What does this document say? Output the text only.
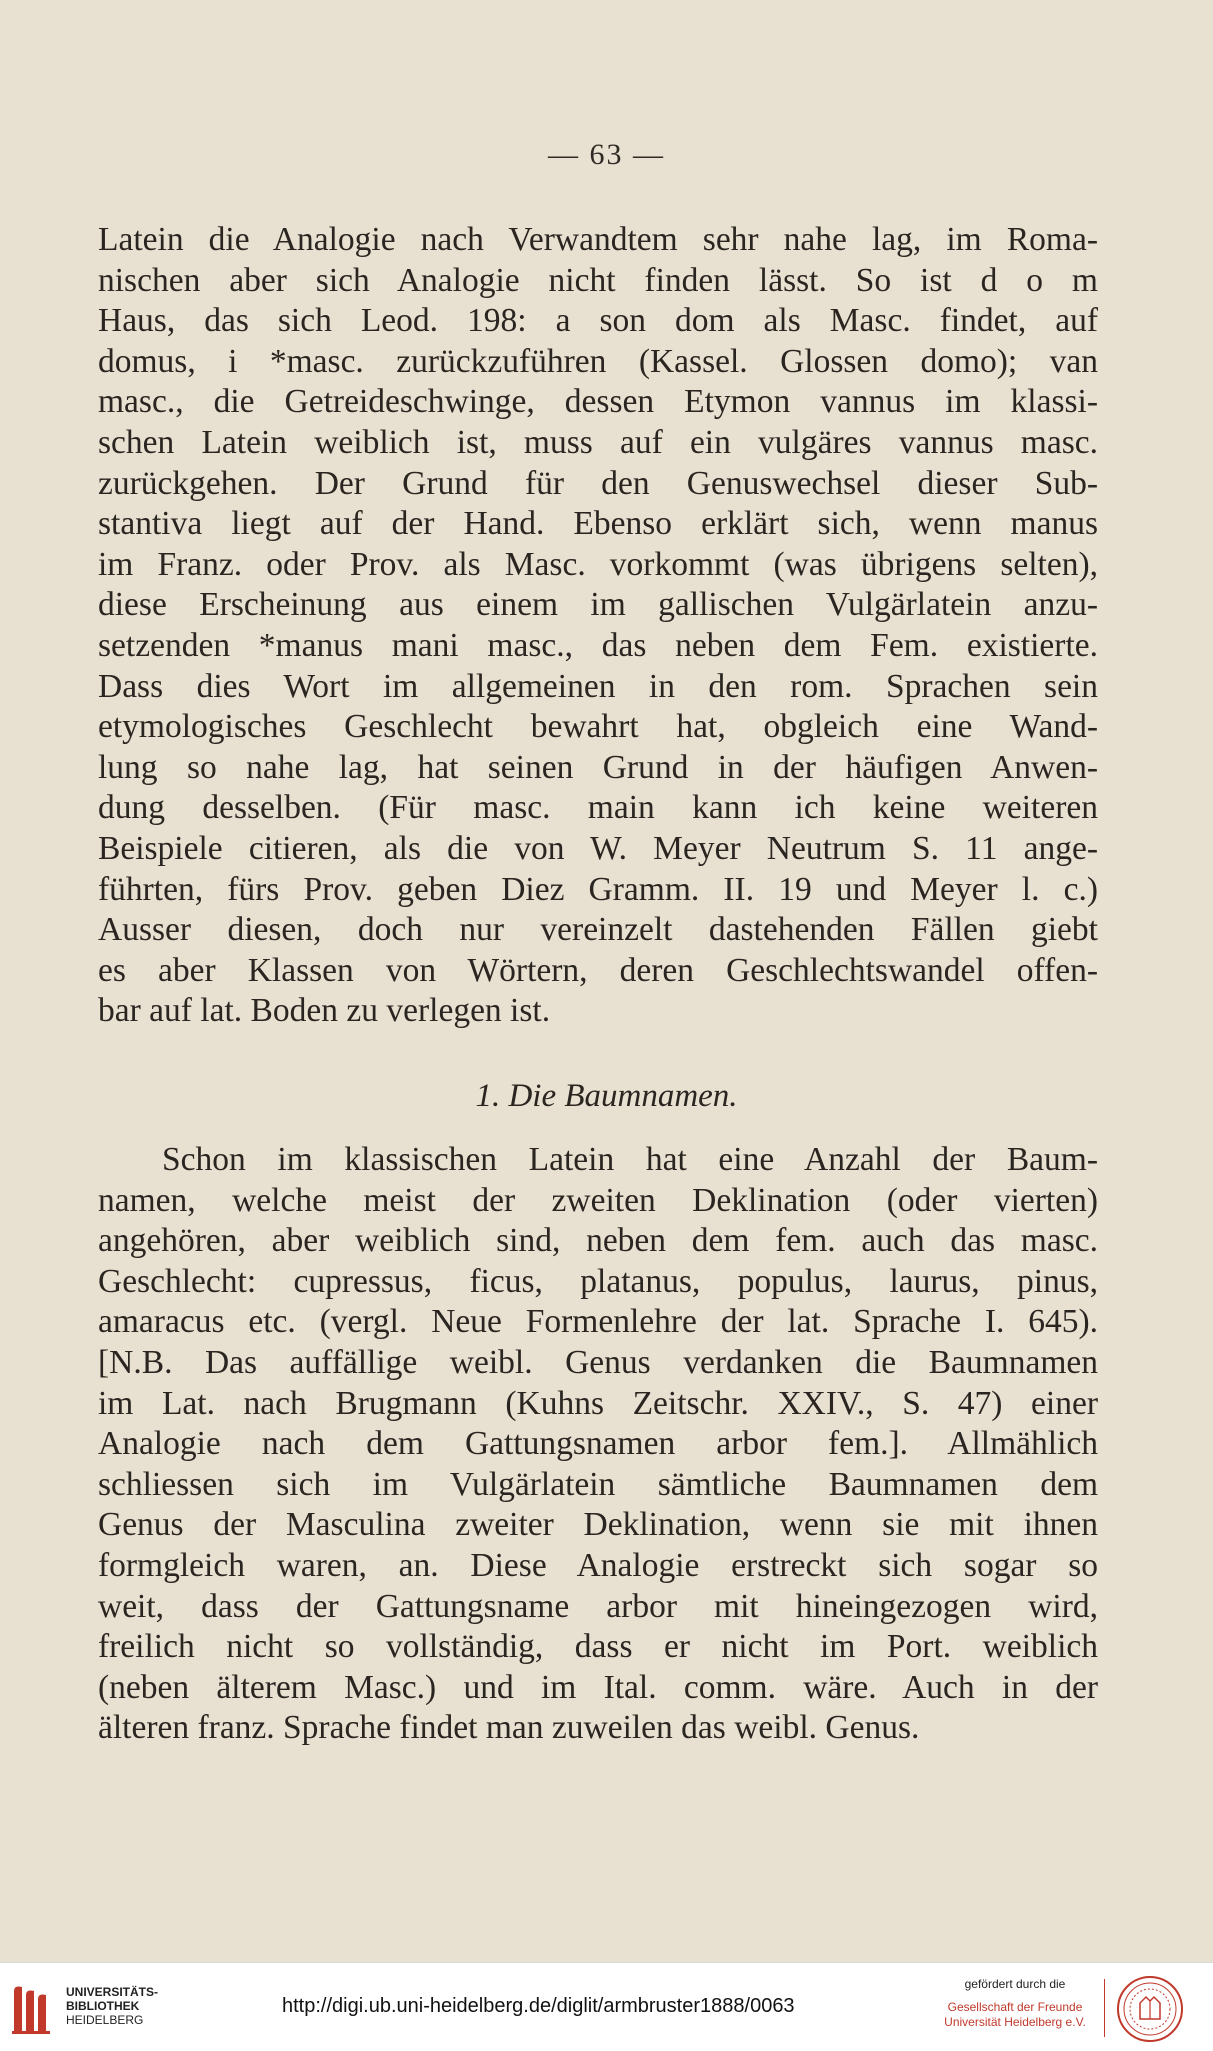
— 63 —
Latein die Analogie nach Verwandtem sehr nahe lag, im Roma-
nischen aber sich Analogie nicht finden lässt. So ist d o m
Haus, das sich Leod. 198: a son dom als Masc. findet, auf
domus, i *masc. zurückzuführen (Kassel. Glossen domo); van
masc., die Getreideschwinge, dessen Etymon vannus im klassi-
schen Latein weiblich ist, muss auf ein vulgäres vannus masc.
zurückgehen. Der Grund für den Genuswechsel dieser Sub-
stantiva liegt auf der Hand. Ebenso erklärt sich, wenn manus
im Franz. oder Prov. als Masc. vorkommt (was übrigens selten),
diese Erscheinung aus einem im gallischen Vulgärlatein anzu-
setzenden *manus mani masc., das neben dem Fem. existierte.
Dass dies Wort im allgemeinen in den rom. Sprachen sein
etymologisches Geschlecht bewahrt hat, obgleich eine Wand-
lung so nahe lag, hat seinen Grund in der häufigen Anwen-
dung desselben. (Für masc. main kann ich keine weiteren
Beispiele citieren, als die von W. Meyer Neutrum S. 11 ange-
führten, fürs Prov. geben Diez Gramm. II. 19 und Meyer l. c.)
Ausser diesen, doch nur vereinzelt dastehenden Fällen giebt
es aber Klassen von Wörtern, deren Geschlechtswandel offen-
bar auf lat. Boden zu verlegen ist.
1. Die Baumnamen.
Schon im klassischen Latein hat eine Anzahl der Baum-
namen, welche meist der zweiten Deklination (oder vierten)
angehören, aber weiblich sind, neben dem fem. auch das masc.
Geschlecht: cupressus, ficus, platanus, populus, laurus, pinus,
amaracus etc. (vergl. Neue Formenlehre der lat. Sprache I. 645).
[N.B. Das auffällige weibl. Genus verdanken die Baumnamen
im Lat. nach Brugmann (Kuhns Zeitschr. XXIV., S. 47) einer
Analogie nach dem Gattungsnamen arbor fem.]. Allmählich
schliessen sich im Vulgärlatein sämtliche Baumnamen dem
Genus der Masculina zweiter Deklination, wenn sie mit ihnen
formgleich waren, an. Diese Analogie erstreckt sich sogar so
weit, dass der Gattungsname arbor mit hineingezogen wird,
freilich nicht so vollständig, dass er nicht im Port. weiblich
(neben älterem Masc.) und im Ital. comm. wäre. Auch in der
älteren franz. Sprache findet man zuweilen das weibl. Genus.
UNIVERSITÄTS-
BIBLIOTHEK
HEIDELBERG
http://digi.ub.uni-heidelberg.de/diglit/armbruster1888/0063
gefördert durch die
Gesellschaft der Freunde
Universität Heidelberg e.V.
